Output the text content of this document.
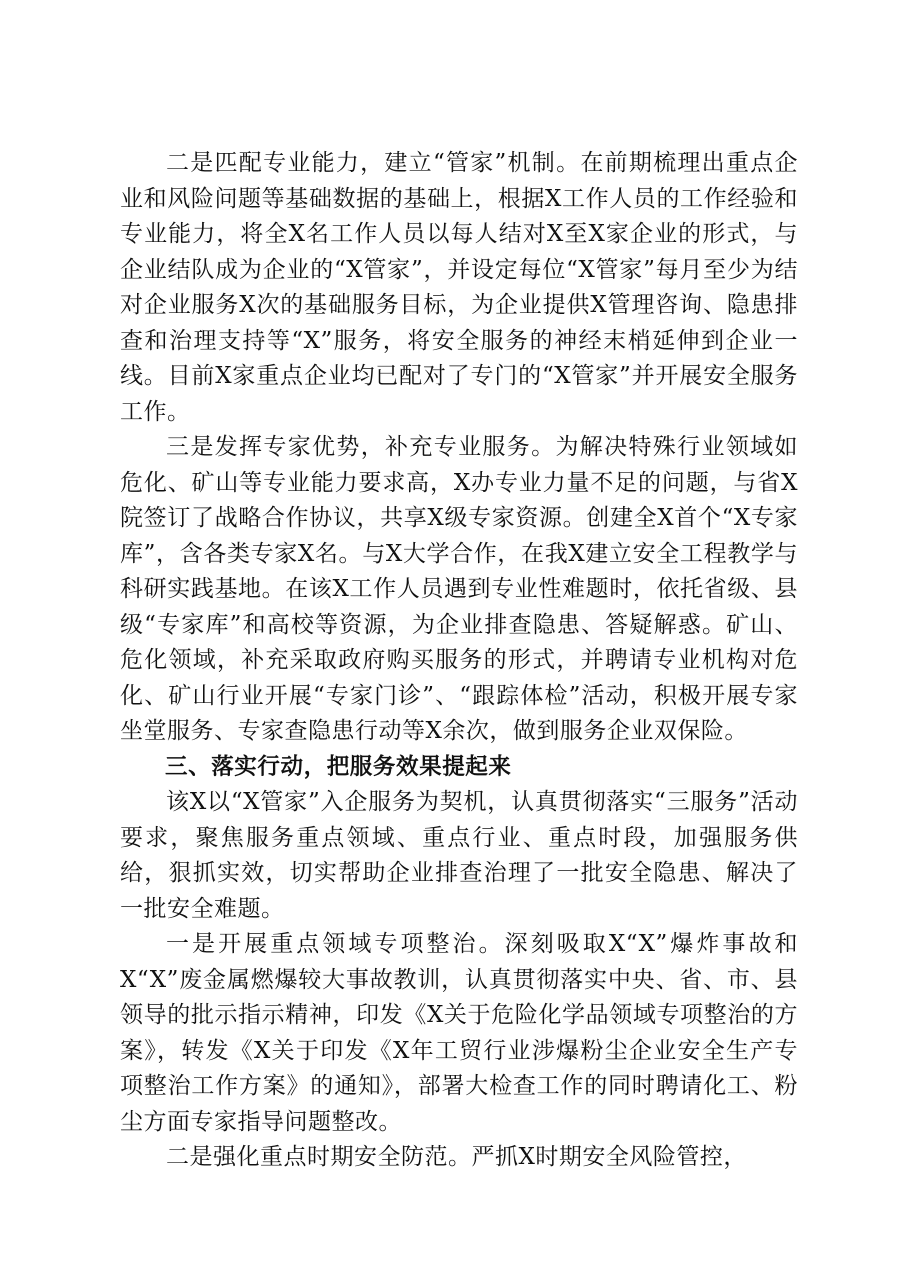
二是匹配专业能力，建立“管家”机制。在前期梳理出重点企业和风险问题等基础数据的基础上，根据X工作人员的工作经验和专业能力，将全X名工作人员以每人结对X至X家企业的形式，与企业结队成为企业的“X管家”，并设定每位“X管家”每月至少为结对企业服务X次的基础服务目标，为企业提供X管理咨询、隐患排查和治理支持等“X”服务，将安全服务的神经末梢延伸到企业一线。目前X家重点企业均已配对了专门的“X管家”并开展安全服务工作。

三是发挥专家优势，补充专业服务。为解决特殊行业领域如危化、矿山等专业能力要求高，X办专业力量不足的问题，与省X院签订了战略合作协议，共享X级专家资源。创建全X首个“X专家库”，含各类专家X名。与X大学合作，在我X建立安全工程教学与科研实践基地。在该X工作人员遇到专业性难题时，依托省级、县级“专家库”和高校等资源，为企业排查隐患、答疑解惑。矿山、危化领域，补充采取政府购买服务的形式，并聘请专业机构对危化、矿山行业开展“专家门诊”、“跟踪体检”活动，积极开展专家坐堂服务、专家查隐患行动等X余次，做到服务企业双保险。

三、落实行动，把服务效果提起来

该X以“X管家”入企服务为契机，认真贯彻落实“三服务”活动要求，聚焦服务重点领域、重点行业、重点时段，加强服务供给，狠抓实效，切实帮助企业排查治理了一批安全隐患、解决了一批安全难题。

一是开展重点领域专项整治。深刻吸取X“X”爆炸事故和X“X”废金属燃爆较大事故教训，认真贯彻落实中央、省、市、县领导的批示指示精神，印发《X关于危险化学品领域专项整治的方案》，转发《X关于印发《X年工贸行业涉爆粉尘企业安全生产专项整治工作方案》的通知》，部署大检查工作的同时聘请化工、粉尘方面专家指导问题整改。

二是强化重点时期安全防范。严抓X时期安全风险管控，
